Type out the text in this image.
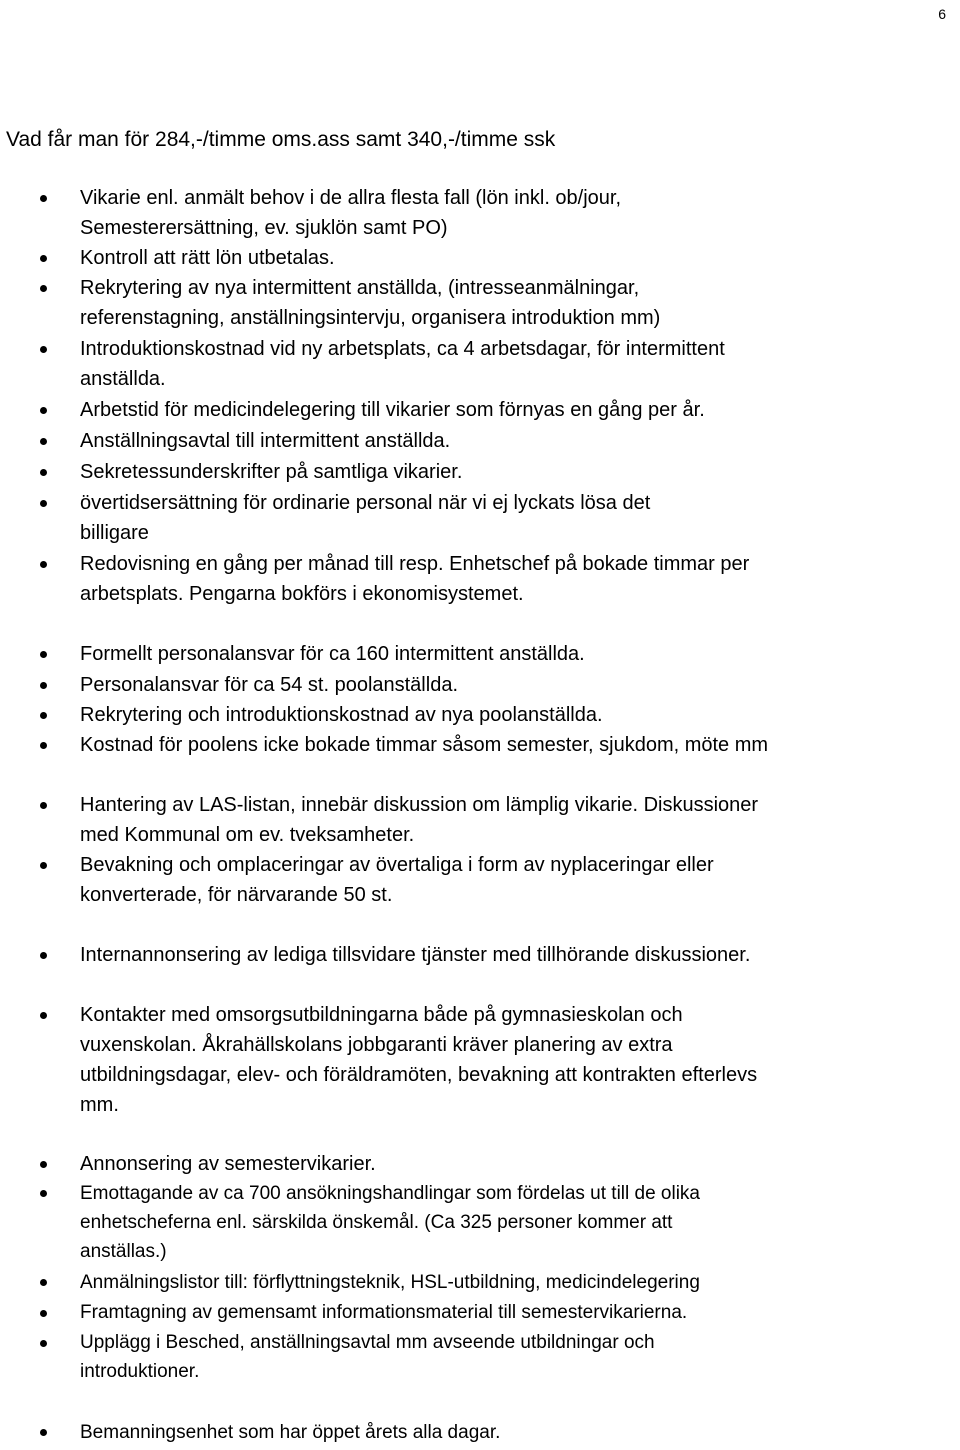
6
Vad får man för 284,-/timme oms.ass samt 340,-/timme ssk
Vikarie enl. anmält behov i de allra flesta fall (lön inkl. ob/jour,
Semesterersättning, ev. sjuklön samt PO)
Kontroll att rätt lön utbetalas.
Rekrytering av nya intermittent anställda, (intresseanmälningar,
referenstagning, anställningsintervju, organisera introduktion mm)
Introduktionskostnad vid ny arbetsplats, ca 4 arbetsdagar, för intermittent
anställda.
Arbetstid för medicindelegering till vikarier som förnyas en gång per år.
Anställningsavtal till intermittent anställda.
Sekretessunderskrifter på samtliga vikarier.
övertidsersättning för ordinarie personal när vi ej lyckats lösa det
billigare
Redovisning en gång per månad till resp. Enhetschef på bokade timmar per
arbetsplats. Pengarna bokförs i ekonomisystemet.
Formellt personalansvar för ca 160 intermittent anställda.
Personalansvar för ca 54 st. poolanställda.
Rekrytering och introduktionskostnad av nya poolanställda.
Kostnad för poolens icke bokade timmar såsom semester, sjukdom, möte mm
Hantering av LAS-listan, innebär diskussion om lämplig vikarie. Diskussioner
med Kommunal om ev. tveksamheter.
Bevakning och omplaceringar av övertaliga i form av nyplaceringar eller
konverterade, för närvarande 50 st.
Internannonsering av lediga tillsvidare tjänster med tillhörande diskussioner.
Kontakter med omsorgsutbildningarna både på gymnasieskolan och
vuxenskolan. Åkrahällskolans jobbgaranti kräver planering av extra
utbildningsdagar, elev- och föräldramöten, bevakning att kontrakten efterlevs
mm.
Annonsering av semestervikarier.
Emottagande av ca 700 ansökningshandlingar som fördelas ut till de olika
enhetscheferna enl. särskilda önskemål. (Ca 325 personer kommer att
anställas.)
Anmälningslistor till: förflyttningsteknik, HSL-utbildning, medicindelegering
Framtagning av gemensamt informationsmaterial till semestervikarierna.
Upplägg i Besched, anställningsavtal mm avseende utbildningar och
introduktioner.
Bemanningsenhet som har öppet årets alla dagar.
